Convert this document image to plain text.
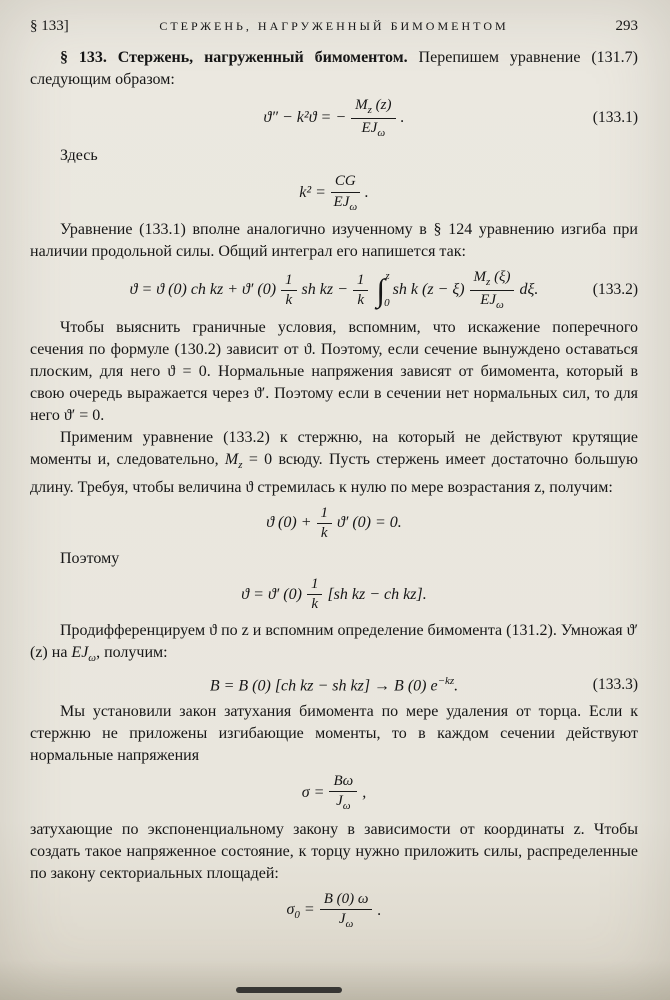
§ 133]	СТЕРЖЕНЬ, НАГРУЖЕННЫЙ БИМОМЕНТОМ	293

§ 133. Стержень, нагруженный бимоментом. Перепишем уравнение (131.7) следующим образом:

ϑ″ − k²ϑ = − $\frac{M_z (z)}{EJ_\omega}$ .	(133.1)

Здесь

$k^2 = \frac{CG}{EJ_\omega}$ .

Уравнение (133.1) вполне аналогично изученному в § 124 уравнению изгиба при наличии продольной силы. Общий интеграл его напишется так:

ϑ = ϑ (0) ch kz + ϑ′ $(0) \frac{1}{k}$ sh kz − $\frac{1}{k}$ ∫ z
0
sh k $(z - \xi) \frac{M_z (\xi)}{EJ_\omega} d\xi$.	(133.2)

Чтобы выяснить граничные условия, вспомним, что искажение поперечного сечения по формуле (130.2) зависит от ϑ. Поэтому, если сечение вынуждено оставаться плоским, для него ϑ = 0. Нормальные напряжения зависят от бимомента, который в свою очередь выражается через ϑ′. Поэтому если в сечении нет нормальных сил, то для него ϑ′ = 0.

Применим уравнение (133.2) к стержню, на который не действуют крутящие моменты и, следовательно, $M_z = 0$ всюду. Пусть стержень имеет достаточно большую длину. Требуя, чтобы величина ϑ стремилась к нулю по мере возрастания z, получим:

ϑ $(0) + \frac{1}{k} ϑ'$ (0) = 0.

Поэтому

ϑ = ϑ′ $(0) \frac{1}{k} [sh$ kz − ch kz].

Продифференцируем ϑ по z и вспомним определение бимомента (131.2). Умножая ϑ′ (z) на $EJ_\omega$, получим:

B = B (0) [ch kz − sh kz] → B (0) $e^{-kz}$.	(133.3)

Мы установили закон затухания бимомента по мере удаления от торца. Если к стержню не приложены изгибающие моменты, то в каждом сечении действуют нормальные напряжения

$\sigma = \frac{B\omega}{J_\omega}$ ,

затухающие по экспоненциальному закону в зависимости от координаты z. Чтобы создать такое напряженное состояние, к торцу нужно приложить силы, распределенные по закону секториальных площадей:

$\sigma_0 = \frac{B (0) \omega}{J_\omega}$ .
